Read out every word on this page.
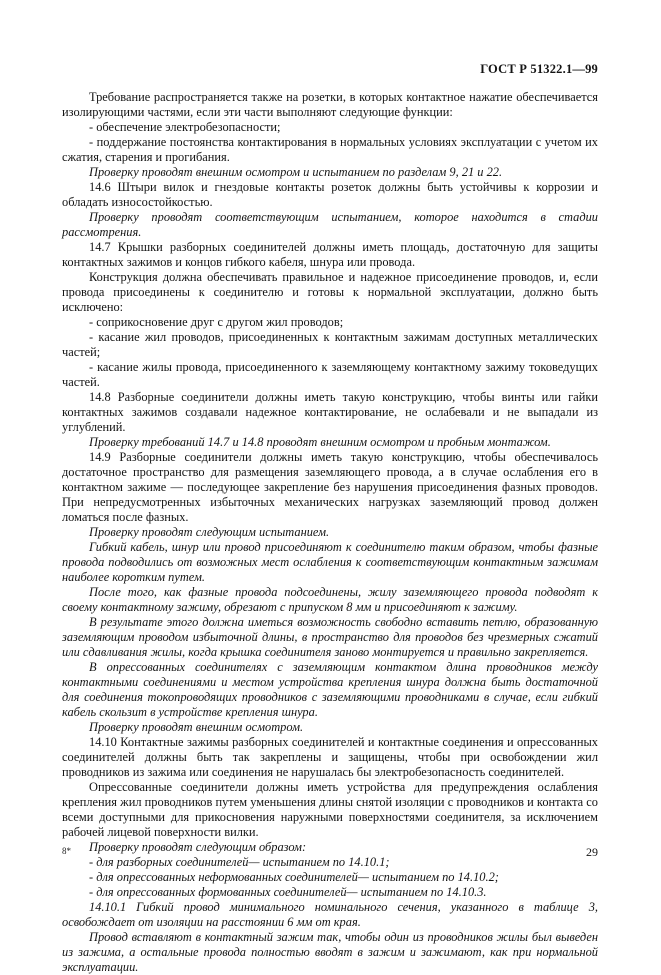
ГОСТ Р 51322.1—99

Требование распространяется также на розетки, в которых контактное нажатие обеспечивается изолирующими частями, если эти части выполняют следующие функции:

- обеспечение электробезопасности;

- поддержание постоянства контактирования в нормальных условиях эксплуатации с учетом их сжатия, старения и прогибания.

Проверку проводят внешним осмотром и испытанием по разделам 9, 21 и 22.

14.6 Штыри вилок и гнездовые контакты розеток должны быть устойчивы к коррозии и обладать износостойкостью.

Проверку проводят соответствующим испытанием, которое находится в стадии рассмотрения.

14.7 Крышки разборных соединителей должны иметь площадь, достаточную для защиты контактных зажимов и концов гибкого кабеля, шнура или провода.

Конструкция должна обеспечивать правильное и надежное присоединение проводов, и, если провода присоединены к соединителю и готовы к нормальной эксплуатации, должно быть исключено:

- соприкосновение друг с другом жил проводов;

- касание жил проводов, присоединенных к контактным зажимам доступных металлических частей;

- касание жилы провода, присоединенного к заземляющему контактному зажиму токоведущих частей.

14.8 Разборные соединители должны иметь такую конструкцию, чтобы винты или гайки контактных зажимов создавали надежное контактирование, не ослабевали и не выпадали из углублений.

Проверку требований 14.7 и 14.8 проводят внешним осмотром и пробным монтажом.

14.9 Разборные соединители должны иметь такую конструкцию, чтобы обеспечивалось достаточное пространство для размещения заземляющего провода, а в случае ослабления его в контактном зажиме — последующее закрепление без нарушения присоединения фазных проводов. При непредусмотренных избыточных механических нагрузках заземляющий провод должен ломаться после фазных.

Проверку проводят следующим испытанием.

Гибкий кабель, шнур или провод присоединяют к соединителю таким образом, чтобы фазные провода подводились от возможных мест ослабления к соответствующим контактным зажимам наиболее коротким путем.

После того, как фазные провода подсоединены, жилу заземляющего провода подводят к своему контактному зажиму, обрезают с припуском 8 мм и присоединяют к зажиму.

В результате этого должна иметься возможность свободно вставить петлю, образованную заземляющим проводом избыточной длины, в пространство для проводов без чрезмерных сжатий или сдавливания жилы, когда крышка соединителя заново монтируется и правильно закрепляется.

В опрессованных соединителях с заземляющим контактом длина проводников между контактными соединениями и местом устройства крепления шнура должна быть достаточной для соединения токопроводящих проводников с заземляющими проводниками в случае, если гибкий кабель скользит в устройстве крепления шнура.

Проверку проводят внешним осмотром.

14.10 Контактные зажимы разборных соединителей и контактные соединения и опрессованных соединителей должны быть так закреплены и защищены, чтобы при освобождении жил проводников из зажима или соединения не нарушалась бы электробезопасность соединителей.

Опрессованные соединители должны иметь устройства для предупреждения ослабления крепления жил проводников путем уменьшения длины снятой изоляции с проводников и контакта со всеми доступными для прикосновения наружными поверхностями соединителя, за исключением рабочей лицевой поверхности вилки.

Проверку проводят следующим образом:

- для разборных соединителей— испытанием по 14.10.1;

- для опрессованных неформованных соединителей— испытанием по 14.10.2;

- для опрессованных формованных соединителей— испытанием по 14.10.3.

14.10.1 Гибкий провод минимального номинального сечения, указанного в таблице 3, освобождает от изоляции на расстоянии 6 мм от края.

Провод вставляют в контактный зажим так, чтобы один из проводников жилы был выведен из зажима, а остальные провода полностью вводят в зажим и зажимают, как при нормальной эксплуатации.

8*	29
